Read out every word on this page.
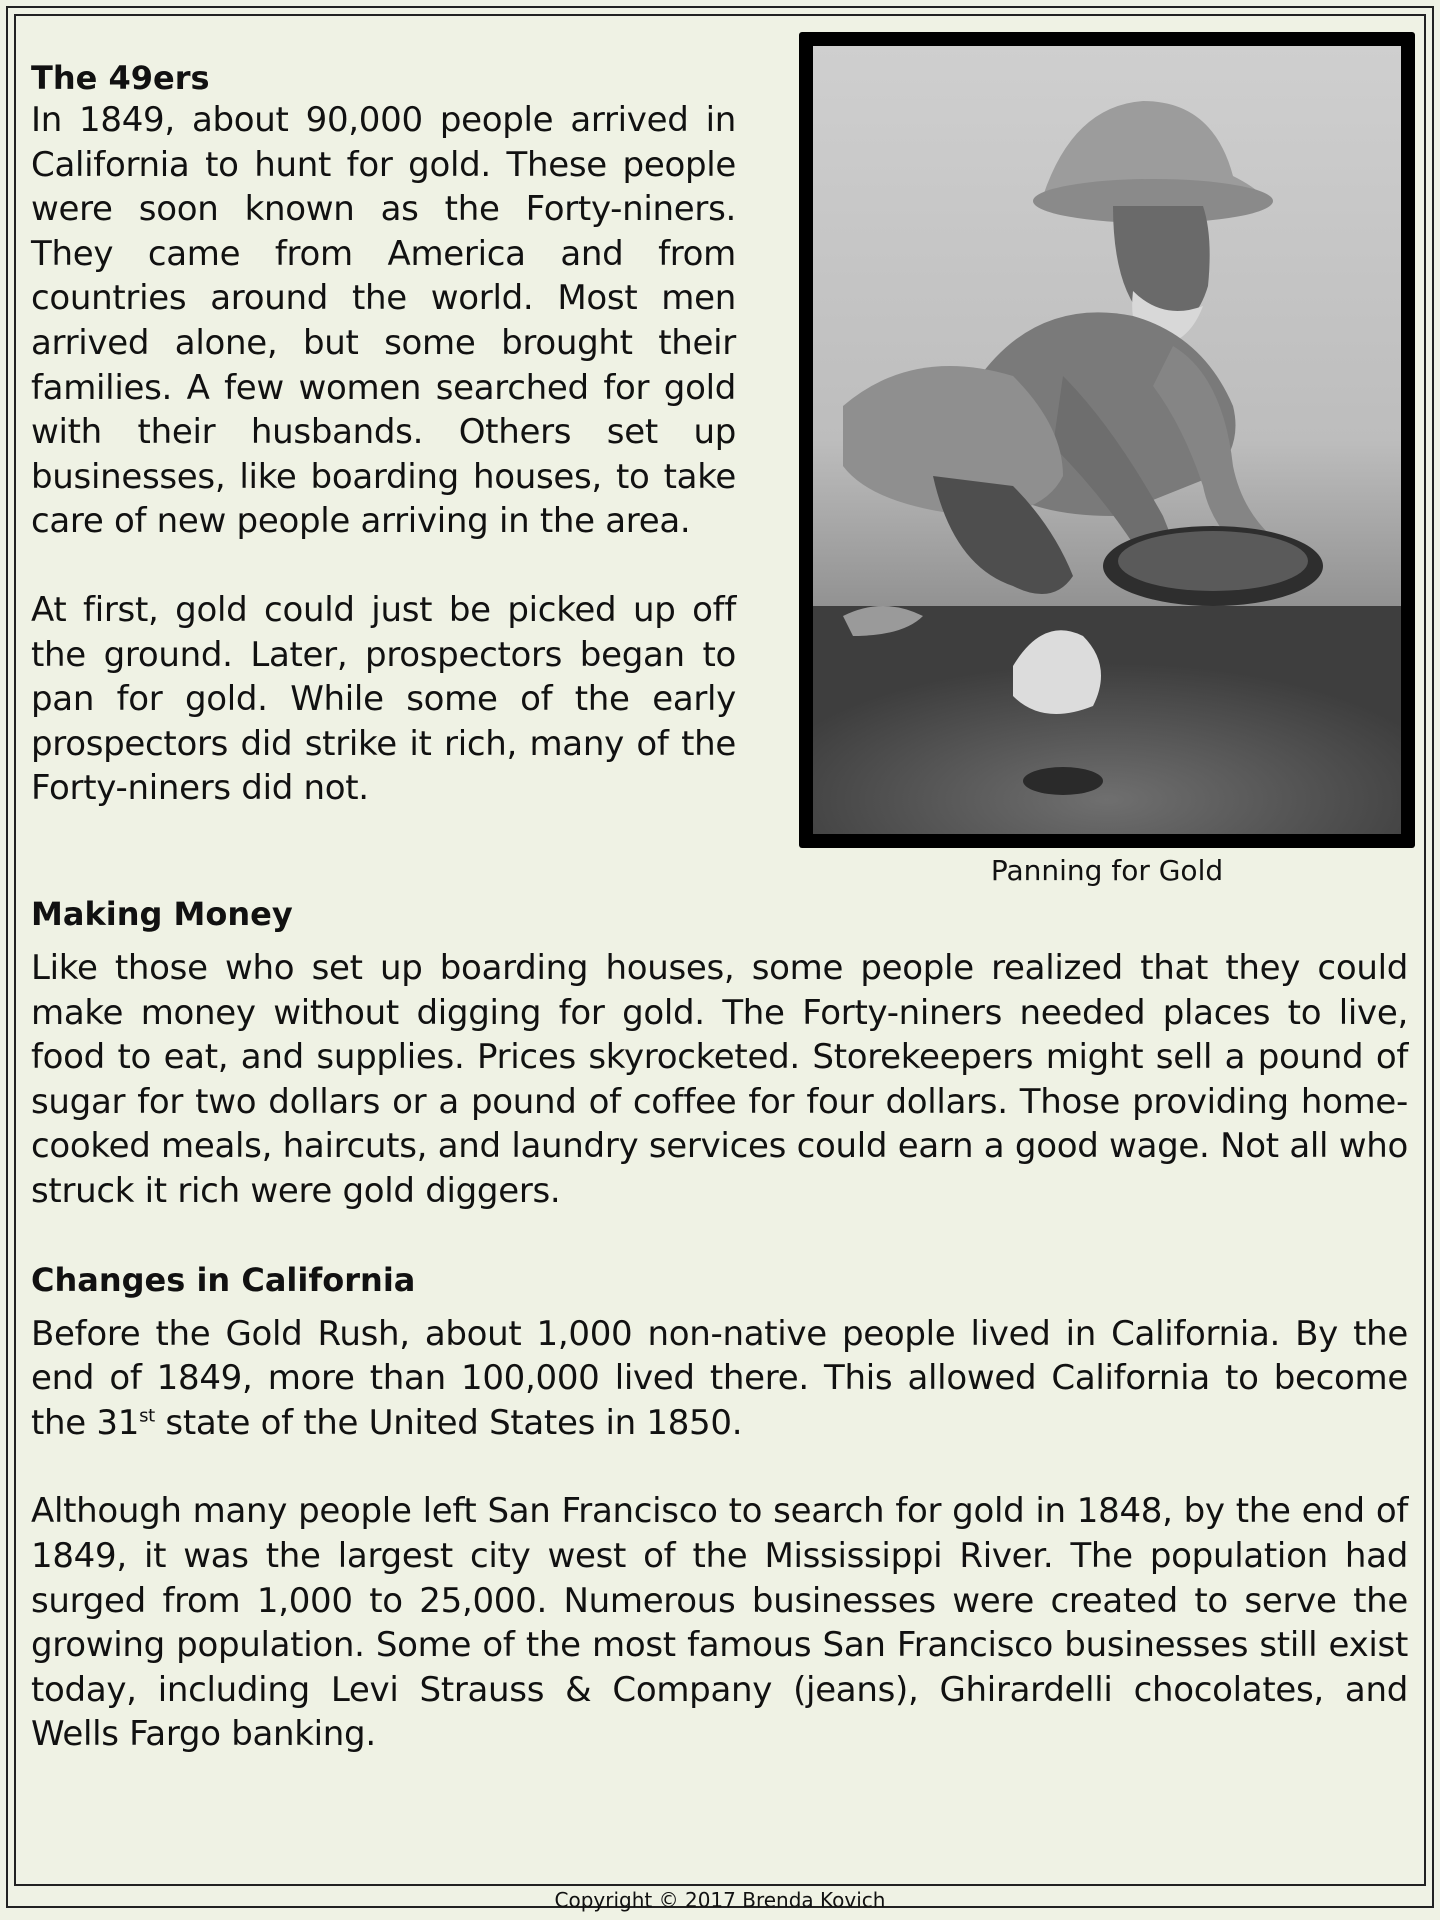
The 49ers

In 1849, about 90,000 people arrived in California to hunt for gold. These people were soon known as the Forty-niners. They came from America and from countries around the world. Most men arrived alone, but some brought their families. A few women searched for gold with their husbands. Others set up businesses, like boarding houses, to take care of new people arriving in the area.

At first, gold could just be picked up off the ground. Later, prospectors began to pan for gold. While some of the early prospectors did strike it rich, many of the Forty-niners did not.

Panning for Gold
Making Money

Like those who set up boarding houses, some people realized that they could make money without digging for gold. The Forty-niners needed places to live, food to eat, and supplies. Prices skyrocketed. Storekeepers might sell a pound of sugar for two dollars or a pound of coffee for four dollars. Those providing home-cooked meals, haircuts, and laundry services could earn a good wage. Not all who struck it rich were gold diggers.

Changes in California

Before the Gold Rush, about 1,000 non-native people lived in California. By the end of 1849, more than 100,000 lived there. This allowed California to become the 31st state of the United States in 1850.

Although many people left San Francisco to search for gold in 1848, by the end of 1849, it was the largest city west of the Mississippi River. The population had surged from 1,000 to 25,000. Numerous businesses were created to serve the growing population. Some of the most famous San Francisco businesses still exist today, including Levi Strauss & Company (jeans), Ghirardelli chocolates, and Wells Fargo banking.

Copyright © 2017 Brenda Kovich
